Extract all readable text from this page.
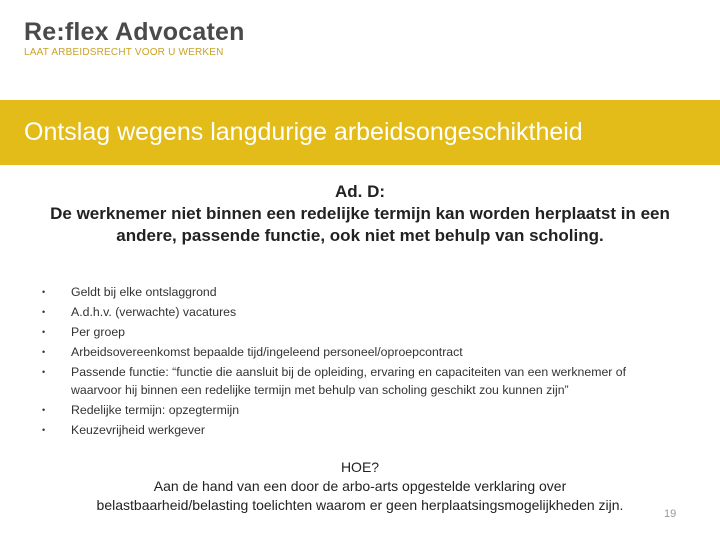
Re:flex Advocaten
LAAT ARBEIDSRECHT VOOR U WERKEN
Ontslag wegens langdurige arbeidsongeschiktheid
Ad. D:
De werknemer niet binnen een redelijke termijn kan worden herplaatst in een andere, passende functie, ook niet met behulp van scholing.
• Geldt bij elke ontslaggrond
• A.d.h.v. (verwachte) vacatures
• Per groep
• Arbeidsovereenkomst bepaalde tijd/ingeleend personeel/oproepcontract
• Passende functie: “functie die aansluit bij de opleiding, ervaring en capaciteiten van een werknemer of waarvoor hij binnen een redelijke termijn met behulp van scholing geschikt zou kunnen zijn”
• Redelijke termijn: opzegtermijn
• Keuzevrijheid werkgever
HOE?
Aan de hand van een door de arbo-arts opgestelde verklaring over
belastbaarheid/belasting toelichten waarom er geen herplaatsingsmogelijkheden zijn.
19
